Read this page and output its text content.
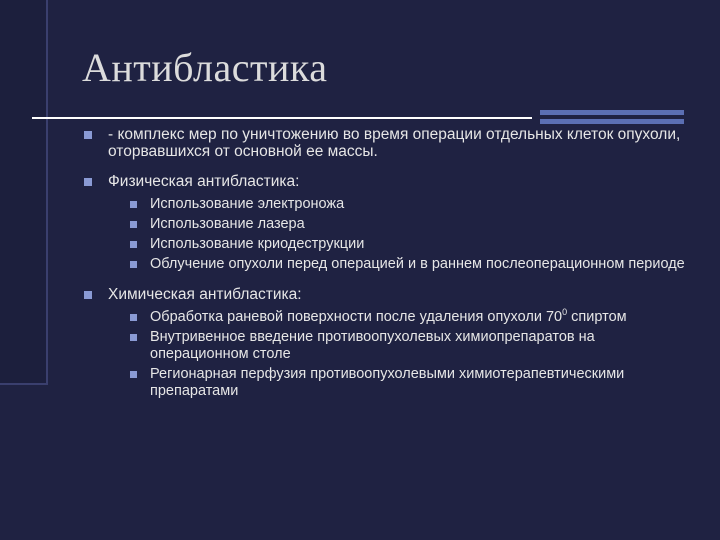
Антибластика
- комплекс мер по уничтожению во время операции отдельных клеток опухоли, оторвавшихся от основной ее массы.
Физическая антибластика:
Использование электроножа
Использование лазера
Использование криодеструкции
Облучение опухоли перед операцией и в раннем послеоперационном периоде
Химическая антибластика:
Обработка раневой поверхности после удаления опухоли $70^0$ спиртом
Внутривенное введение противоопухолевых химиопрепаратов на операционном столе
Регионарная перфузия противоопухолевыми химиотерапевтическими препаратами
